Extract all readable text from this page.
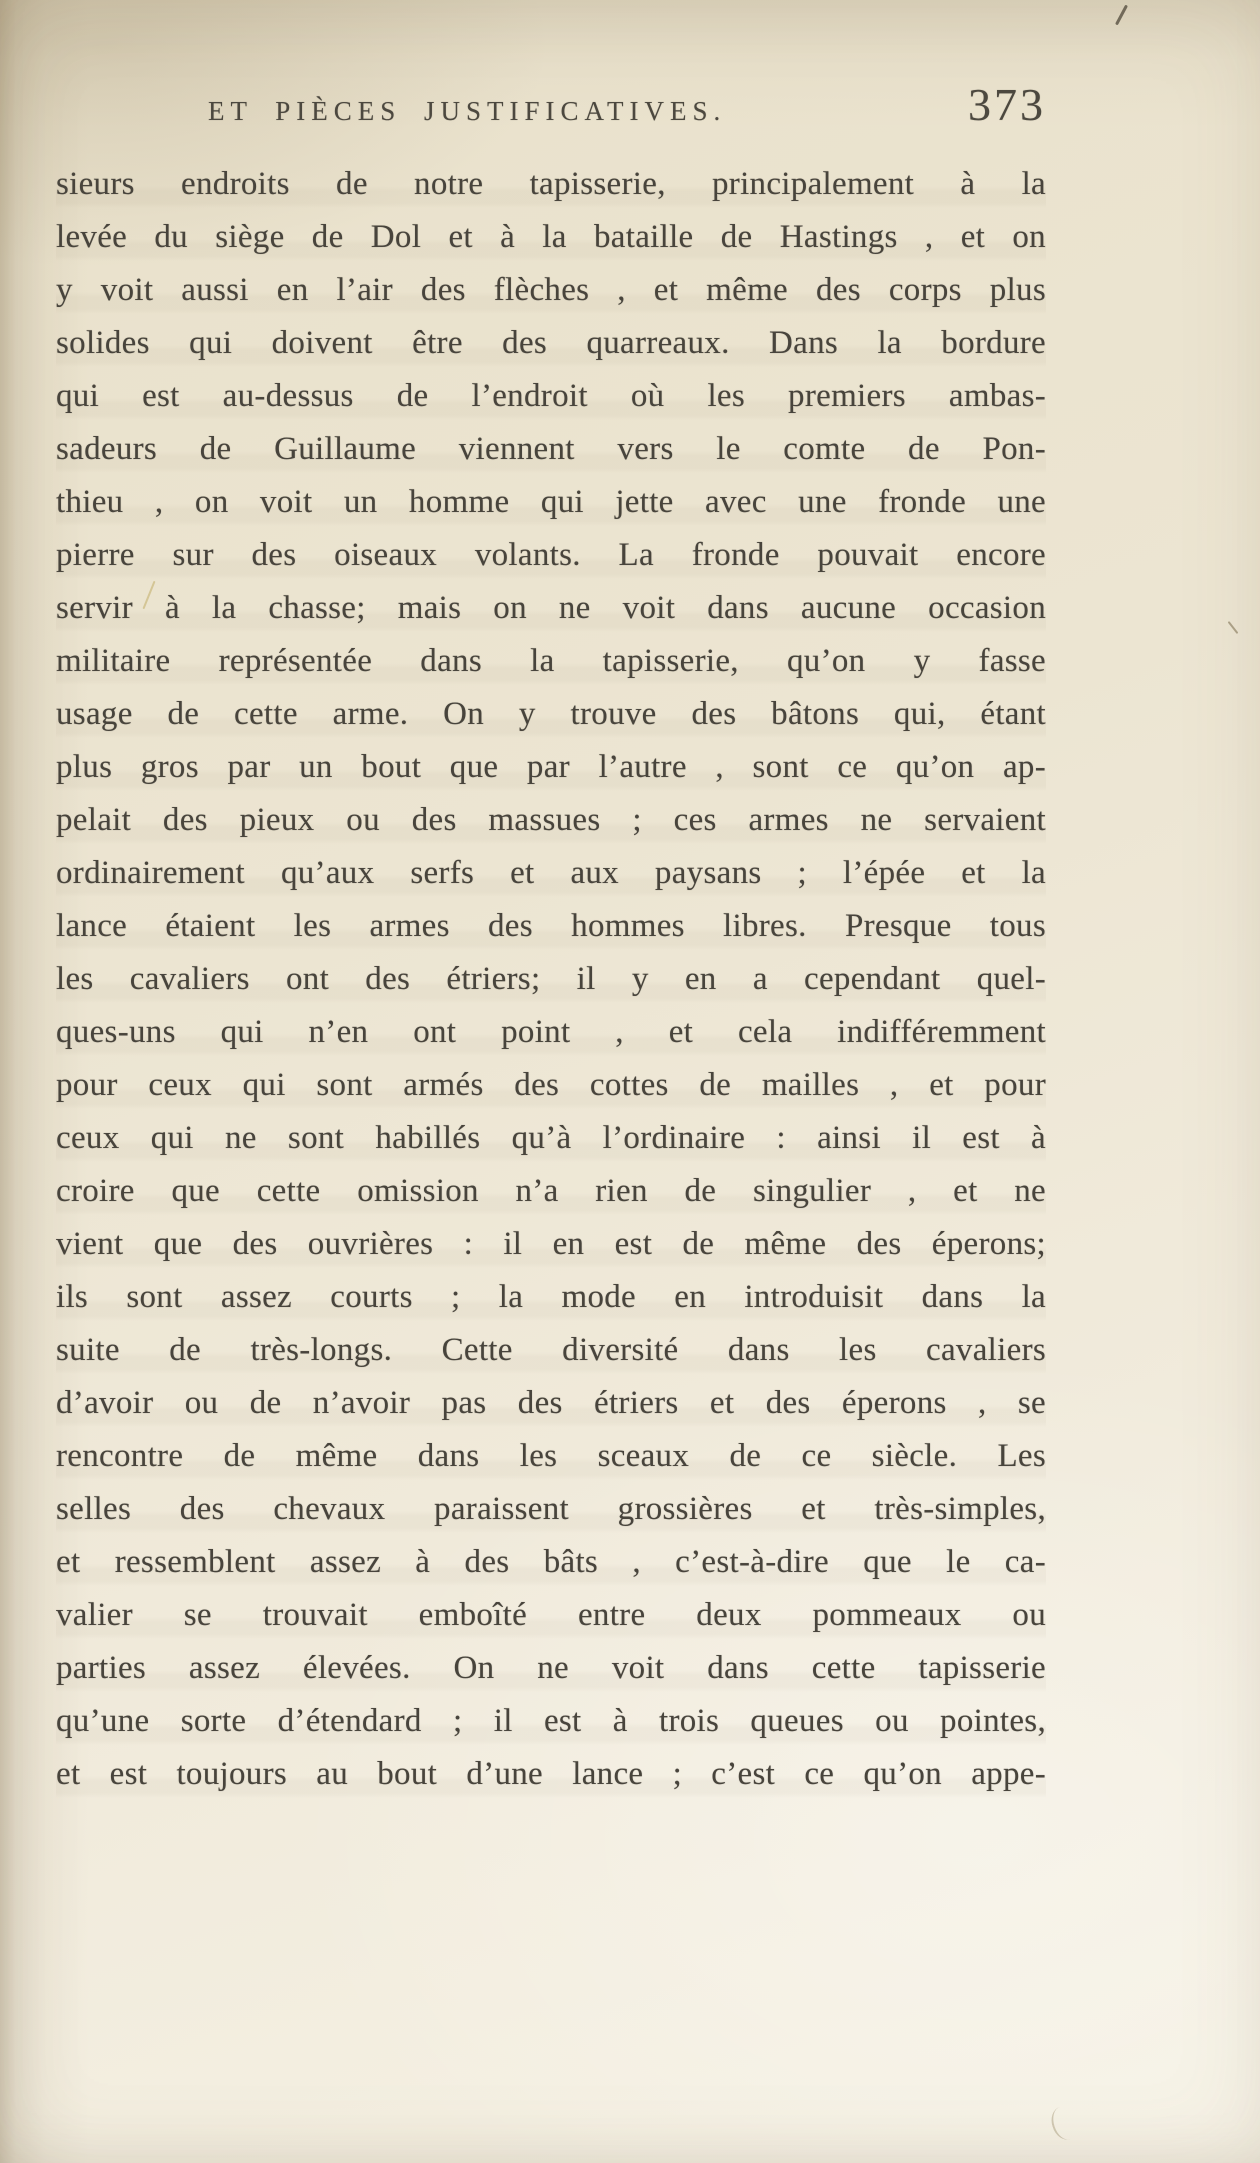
ET PIÈCES JUSTIFICATIVES.	373
sieurs endroits de notre tapisserie, principalement à la
levée du siège de Dol et à la bataille de Hastings , et on
y voit aussi en l’air des flèches , et même des corps plus
solides qui doivent être des quarreaux. Dans la bordure
qui est au-dessus de l’endroit où les premiers ambas-
sadeurs de Guillaume viennent vers le comte de Pon-
thieu , on voit un homme qui jette avec une fronde une
pierre sur des oiseaux volants. La fronde pouvait encore
servir à la chasse; mais on ne voit dans aucune occasion
militaire représentée dans la tapisserie, qu’on y fasse
usage de cette arme. On y trouve des bâtons qui, étant
plus gros par un bout que par l’autre , sont ce qu’on ap-
pelait des pieux ou des massues ; ces armes ne servaient
ordinairement qu’aux serfs et aux paysans ; l’épée et la
lance étaient les armes des hommes libres. Presque tous
les cavaliers ont des étriers; il y en a cependant quel-
ques-uns qui n’en ont point , et cela indifféremment
pour ceux qui sont armés des cottes de mailles , et pour
ceux qui ne sont habillés qu’à l’ordinaire : ainsi il est à
croire que cette omission n’a rien de singulier , et ne
vient que des ouvrières : il en est de même des éperons;
ils sont assez courts ; la mode en introduisit dans la
suite de très-longs. Cette diversité dans les cavaliers
d’avoir ou de n’avoir pas des étriers et des éperons , se
rencontre de même dans les sceaux de ce siècle. Les
selles des chevaux paraissent grossières et très-simples,
et ressemblent assez à des bâts , c’est-à-dire que le ca-
valier se trouvait emboîté entre deux pommeaux ou
parties assez élevées. On ne voit dans cette tapisserie
qu’une sorte d’étendard ; il est à trois queues ou pointes,
et est toujours au bout d’une lance ; c’est ce qu’on appe-
